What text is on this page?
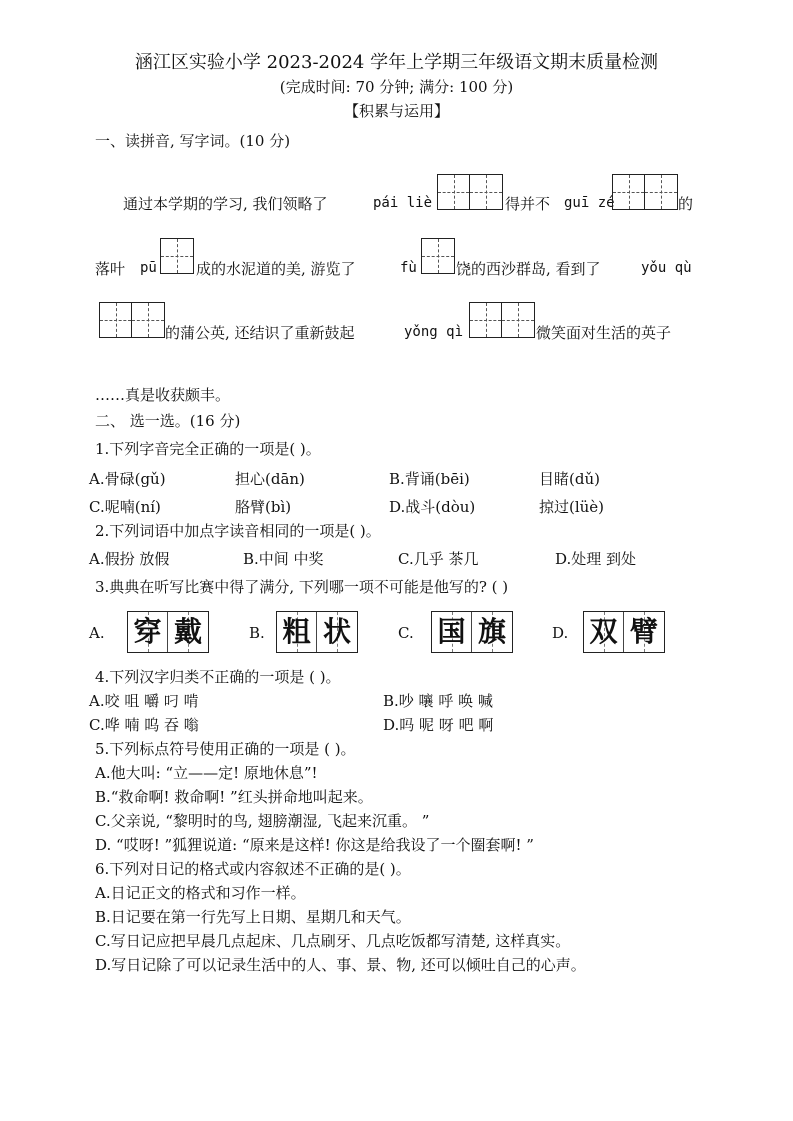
涵江区实验小学 2023-2024 学年上学期三年级语文期末质量检测
(完成时间: 70 分钟; 满分: 100 分)
【积累与运用】
一、读拼音, 写字词。(10 分)
通过本学期的学习, 我们领略了	pái liè	得并不 guī zé	的
落叶 pū	成的水泥道的美, 游览了	fù	饶的西沙群岛, 看到了	yǒu qù
的蒲公英, 还结识了重新鼓起	yǒng qì	微笑面对生活的英子
……真是收获颇丰。
二、 选一选。(16 分)
1.下列字音完全正确的一项是( )。
A.骨碌(gǔ)	担心(dān)	B.背诵(bēi)	目睹(dǔ)
C.呢喃(ní)	胳臂(bì)	D.战斗(dòu)	掠过(lüè)
2.下列词语中加点字读音相同的一项是( )。
A.假扮 放假	B.中间 中奖	C.几乎 茶几	D.处理 到处
3.典典在听写比赛中得了满分, 下列哪一项不可能是他写的? ( )
A. 穿 戴	B. 粗 状	C. 国 旗	D. 双 臂
4.下列汉字归类不正确的一项是 ( )。
A.咬 咀 嚼 叼 啃	B.吵 嚷 呼 唤 喊
C.哗 喃 呜 吞 嗡	D.吗 呢 呀 吧 啊
5.下列标点符号使用正确的一项是 ( )。
A.他大叫: “立——定! 原地休息”!
B.“救命啊! 救命啊! ”红头拼命地叫起来。
C.父亲说, “黎明时的鸟, 翅膀潮湿, 飞起来沉重。 ”
D. “哎呀! ”狐狸说道: “原来是这样! 你这是给我设了一个圈套啊! ”
6.下列对日记的格式或内容叙述不正确的是( )。
A.日记正文的格式和习作一样。
B.日记要在第一行先写上日期、星期几和天气。
C.写日记应把早晨几点起床、几点刷牙、几点吃饭都写清楚, 这样真实。
D.写日记除了可以记录生活中的人、事、景、物, 还可以倾吐自己的心声。
